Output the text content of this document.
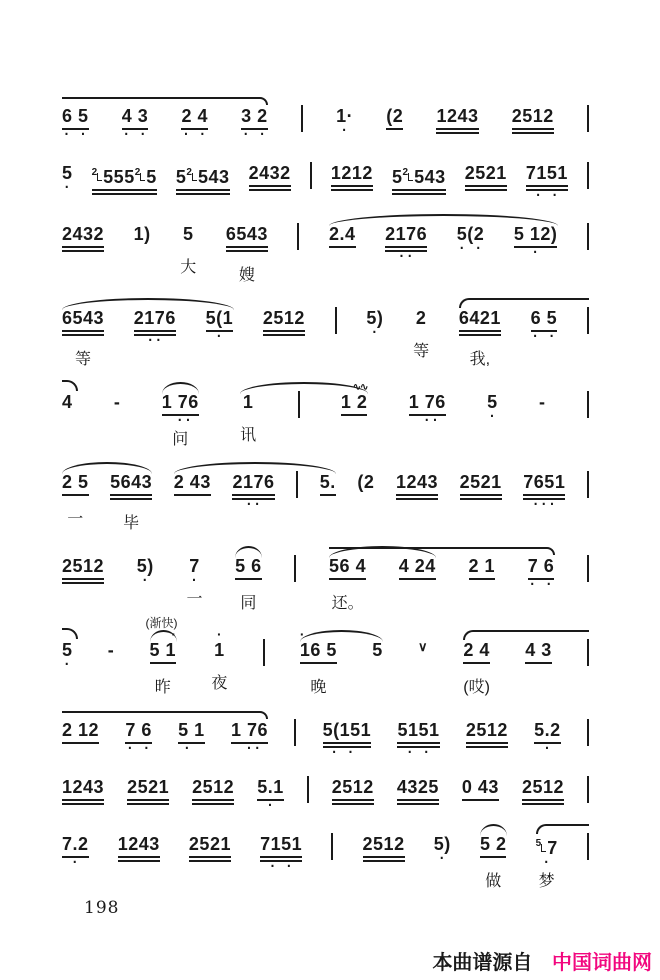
6 5
· ·
4 3
· ·
2 4
· ·
3 2
· ·
1·
·
(2 1243 2512
5
·
$^2$ $555^2$ 5 $5^2$ 543 2432 1212 $5^2$ 543 2521 7151
· ·
2432 1) 5
大
6543
嫂
2.4 2176
··
5(2
· ·
5 12)
·
6543
等
2176
··
5(1
·
2512	5)
·
2
等
6421
我,
6 5
· ·
4 - 1 76
··
问
1
讯
∿∿
1 2 1 76
··
5
·
-
2 5
一
5643
毕
2 43 2176
··
5. (2 1243 2521 7651
···
2512 5)
·
7
·
一
5 6
同
56 4
还。
4 24 2 1 7 6
· ·
5
·
-
(渐快)
·
5 1
昨
·
1
夜
·
16 5
晚
5	∨ 2 4
(哎)
4 3
2 12 7 6
· ·
5 1
·
1 76
··
5(151
· ·
5151
· ·
2512 5.2
·
1243 2521 2512 5.1
·
2512 4325 0 43 2512
7.2
·
1243 2521 7151
· ·
2512 5)
·
5 2
做
$^5$ 7
·
梦
198
本曲谱源自 中国词曲网
